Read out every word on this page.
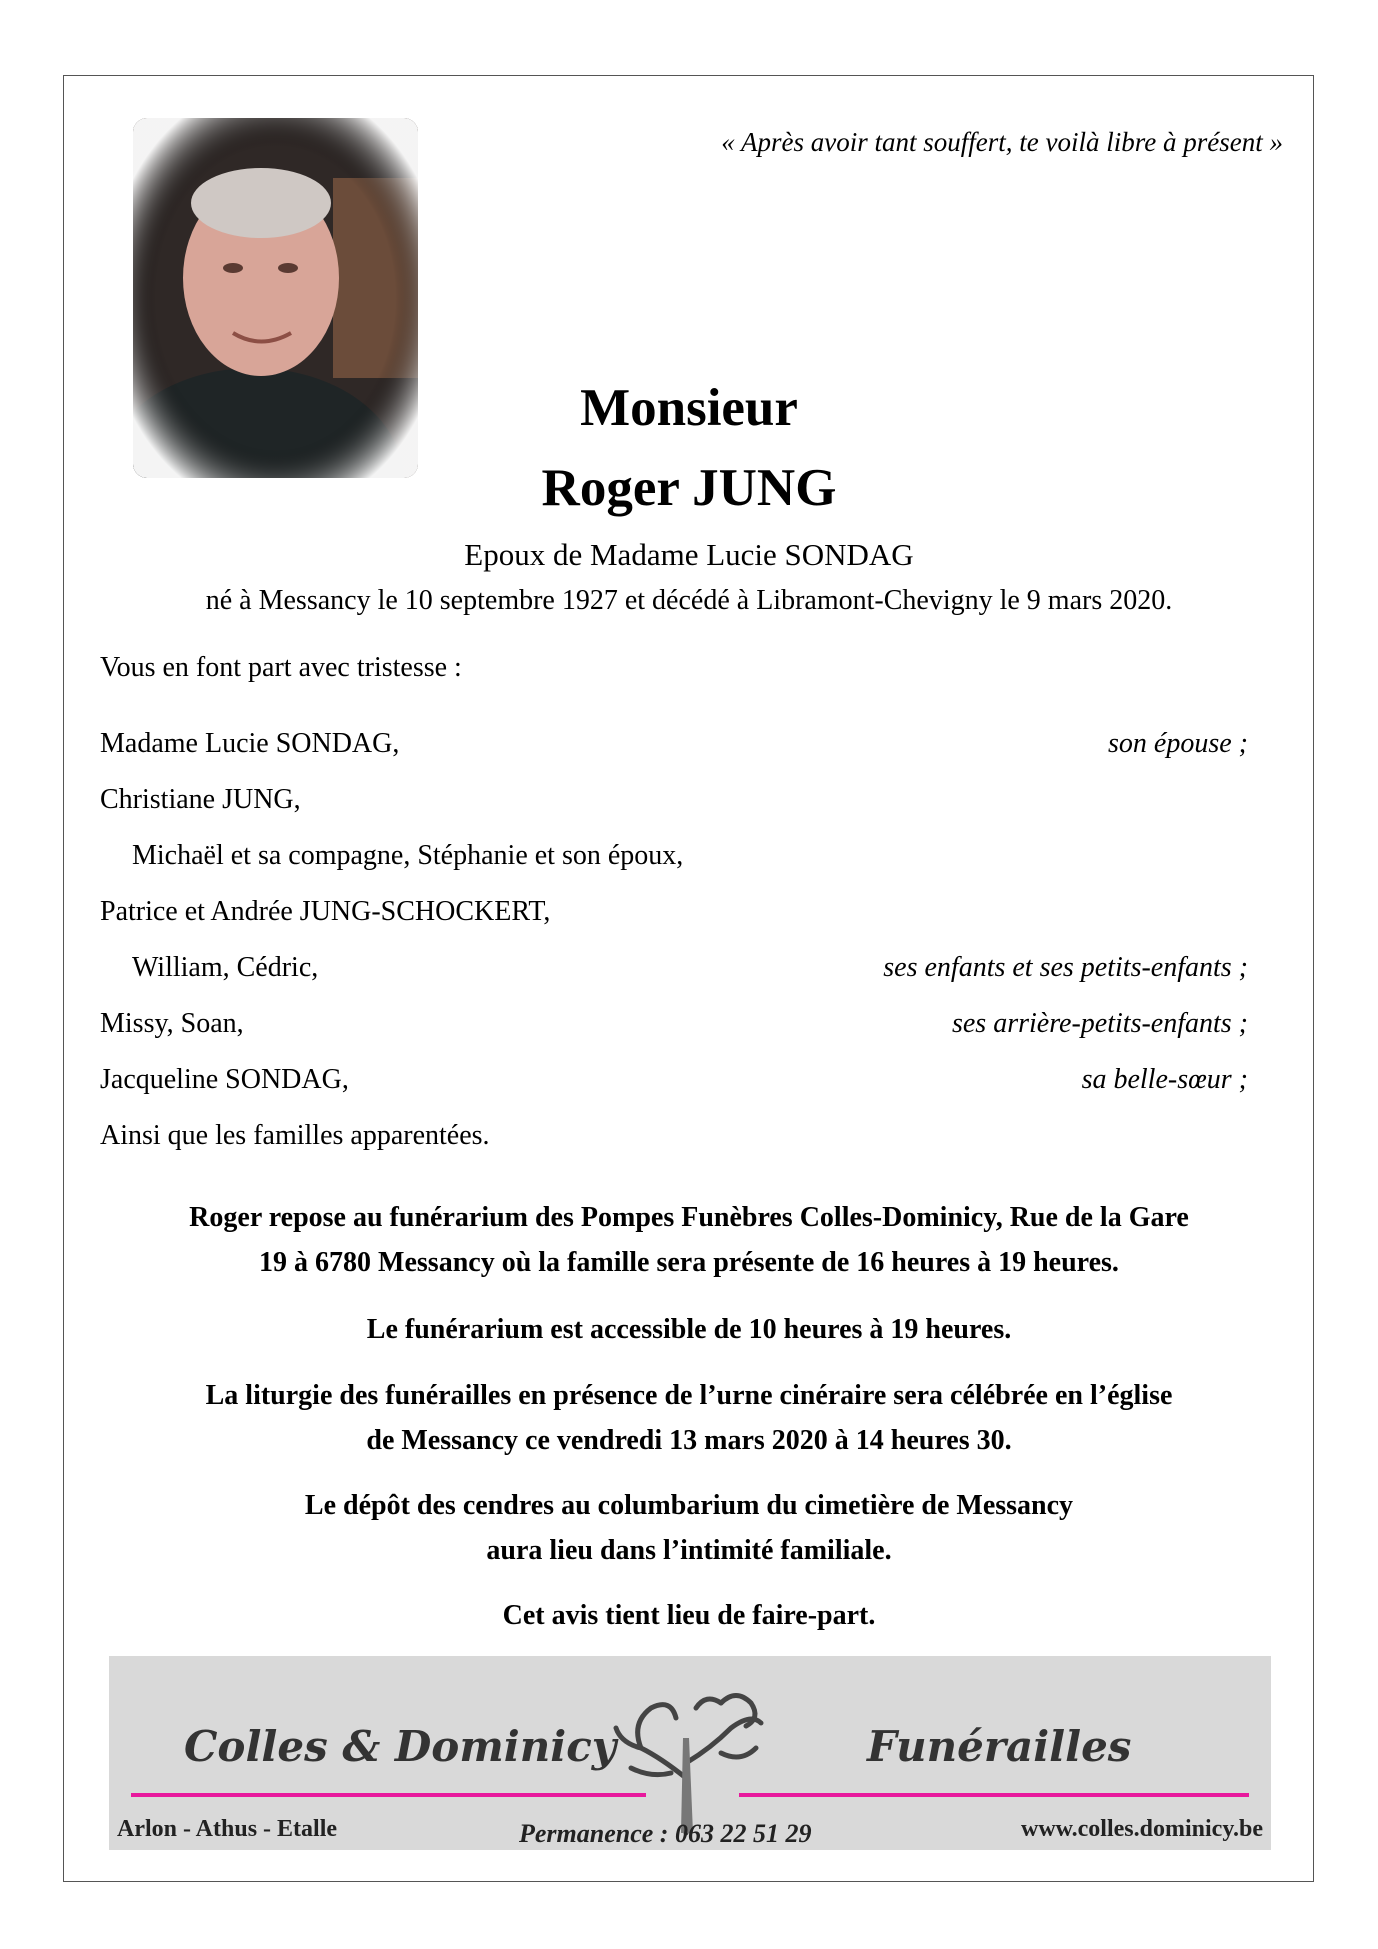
« Après avoir tant souffert, te voilà libre à présent »
Monsieur
Roger JUNG
Epoux de Madame Lucie SONDAG
né à Messancy le 10 septembre 1927 et décédé à Libramont-Chevigny le 9 mars 2020.
Vous en font part avec tristesse :
Madame Lucie SONDAG,	son épouse ;
Christiane JUNG,
Michaël et sa compagne, Stéphanie et son époux,
Patrice et Andrée JUNG-SCHOCKERT,
William, Cédric,	ses enfants et ses petits-enfants ;
Missy, Soan,	ses arrière-petits-enfants ;
Jacqueline SONDAG,	sa belle-sœur ;
Ainsi que les familles apparentées.
Roger repose au funérarium des Pompes Funèbres Colles-Dominicy, Rue de la Gare
19 à 6780 Messancy où la famille sera présente de 16 heures à 19 heures.
Le funérarium est accessible de 10 heures à 19 heures.
La liturgie des funérailles en présence de l’urne cinéraire sera célébrée en l’église
de Messancy ce vendredi 13 mars 2020 à 14 heures 30.
Le dépôt des cendres au columbarium du cimetière de Messancy
aura lieu dans l’intimité familiale.
Cet avis tient lieu de faire-part.
Colles & Dominicy	Funérailles
Arlon - Athus - Etalle	Permanence : 063 22 51 29	www.colles.dominicy.be
